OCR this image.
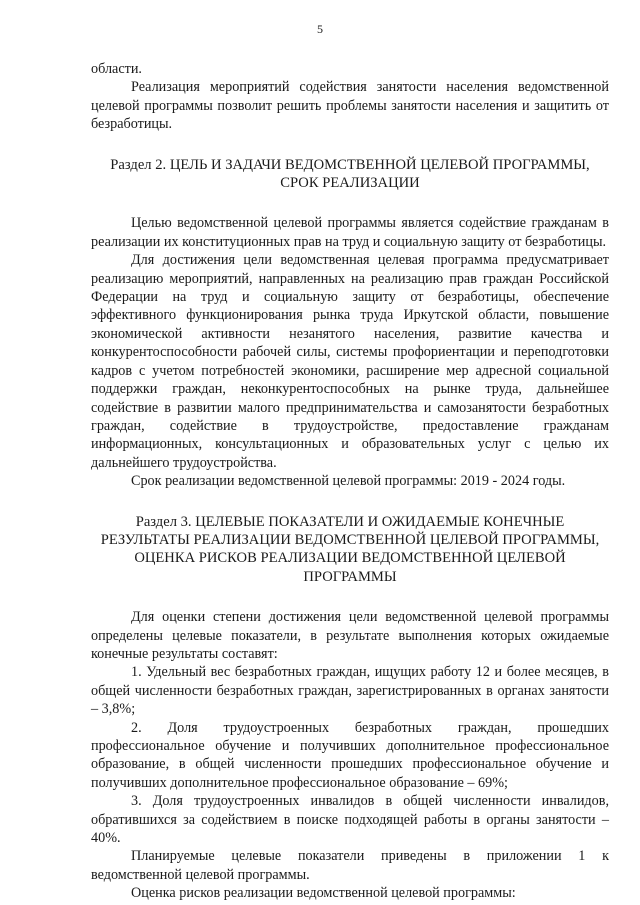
5

области.

Реализация мероприятий содействия занятости населения ведомственной целевой программы позволит решить проблемы занятости населения и защитить от безработицы.

Раздел 2. ЦЕЛЬ И ЗАДАЧИ ВЕДОМСТВЕННОЙ ЦЕЛЕВОЙ ПРОГРАММЫ, СРОК РЕАЛИЗАЦИИ

Целью ведомственной целевой программы является содействие гражданам в реализации их конституционных прав на труд и социальную защиту от безработицы.

Для достижения цели ведомственная целевая программа предусматривает реализацию мероприятий, направленных на реализацию прав граждан Российской Федерации на труд и социальную защиту от безработицы, обеспечение эффективного функционирования рынка труда Иркутской области, повышение экономической активности незанятого населения, развитие качества и конкурентоспособности рабочей силы, системы профориентации и переподготовки кадров с учетом потребностей экономики, расширение мер адресной социальной поддержки граждан, неконкурентоспособных на рынке труда, дальнейшее содействие в развитии малого предпринимательства и самозанятости безработных граждан, содействие в трудоустройстве, предоставление гражданам информационных, консультационных и образовательных услуг с целью их дальнейшего трудоустройства.

Срок реализации ведомственной целевой программы: 2019 - 2024 годы.

Раздел 3. ЦЕЛЕВЫЕ ПОКАЗАТЕЛИ И ОЖИДАЕМЫЕ КОНЕЧНЫЕ РЕЗУЛЬТАТЫ РЕАЛИЗАЦИИ ВЕДОМСТВЕННОЙ ЦЕЛЕВОЙ ПРОГРАММЫ, ОЦЕНКА РИСКОВ РЕАЛИЗАЦИИ ВЕДОМСТВЕННОЙ ЦЕЛЕВОЙ ПРОГРАММЫ

Для оценки степени достижения цели ведомственной целевой программы определены целевые показатели, в результате выполнения которых ожидаемые конечные результаты составят:

1. Удельный вес безработных граждан, ищущих работу 12 и более месяцев, в общей численности безработных граждан, зарегистрированных в органах занятости – 3,8%;

2. Доля трудоустроенных безработных граждан, прошедших профессиональное обучение и получивших дополнительное профессиональное образование, в общей численности прошедших профессиональное обучение и получивших дополнительное профессиональное образование – 69%;

3. Доля трудоустроенных инвалидов в общей численности инвалидов, обратившихся за содействием в поиске подходящей работы в органы занятости – 40%.

Планируемые целевые показатели приведены в приложении 1 к ведомственной целевой программы.

Оценка рисков реализации ведомственной целевой программы:
